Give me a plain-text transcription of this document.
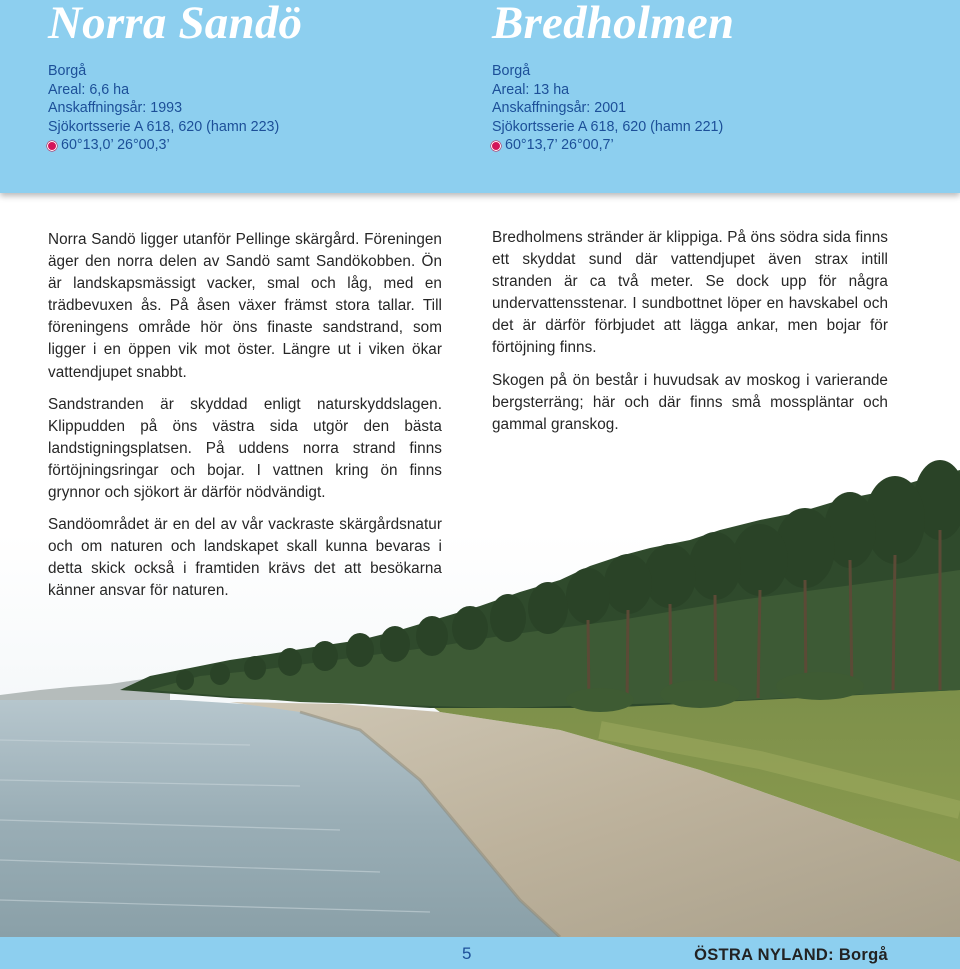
Norra Sandö
Borgå
Areal: 6,6 ha
Anskaffningsår: 1993
Sjökortsserie A 618, 620 (hamn 223)
60°13,0’ 26°00,3’
Bredholmen
Borgå
Areal: 13 ha
Anskaffningsår: 2001
Sjökortsserie A 618, 620 (hamn 221)
60°13,7’ 26°00,7’

Norra Sandö ligger utanför Pellinge skärgård. Föreningen äger den norra delen av Sandö samt Sandökobben. Ön är landskapsmässigt vacker, smal och låg, med en trädbevuxen ås. På åsen växer främst stora tallar. Till föreningens område hör öns finaste sandstrand, som ligger i en öppen vik mot öster. Längre ut i viken ökar vattendjupet snabbt.

Sandstranden är skyddad enligt naturskyddslagen. Klippudden på öns västra sida utgör den bästa landstigningsplatsen. På uddens norra strand finns förtöjningsringar och bojar. I vattnen kring ön finns grynnor och sjökort är därför nödvändigt.

Sandöområdet är en del av vår vackraste skärgårdsnatur och om naturen och landskapet skall kunna bevaras i detta skick också i framtiden krävs det att besökarna känner ansvar för naturen.

Bredholmens stränder är klippiga. På öns södra sida finns ett skyddat sund där vattendjupet även strax intill stranden är ca två meter. Se dock upp för några undervattensstenar. I sundbottnet löper en havskabel och det är därför förbjudet att lägga ankar, men bojar för förtöjning finns.

Skogen på ön består i huvudsak av moskog i varierande bergsterräng; här och där finns små mosspläntar och gammal granskog.

5	ÖSTRA NYLAND: Borgå
